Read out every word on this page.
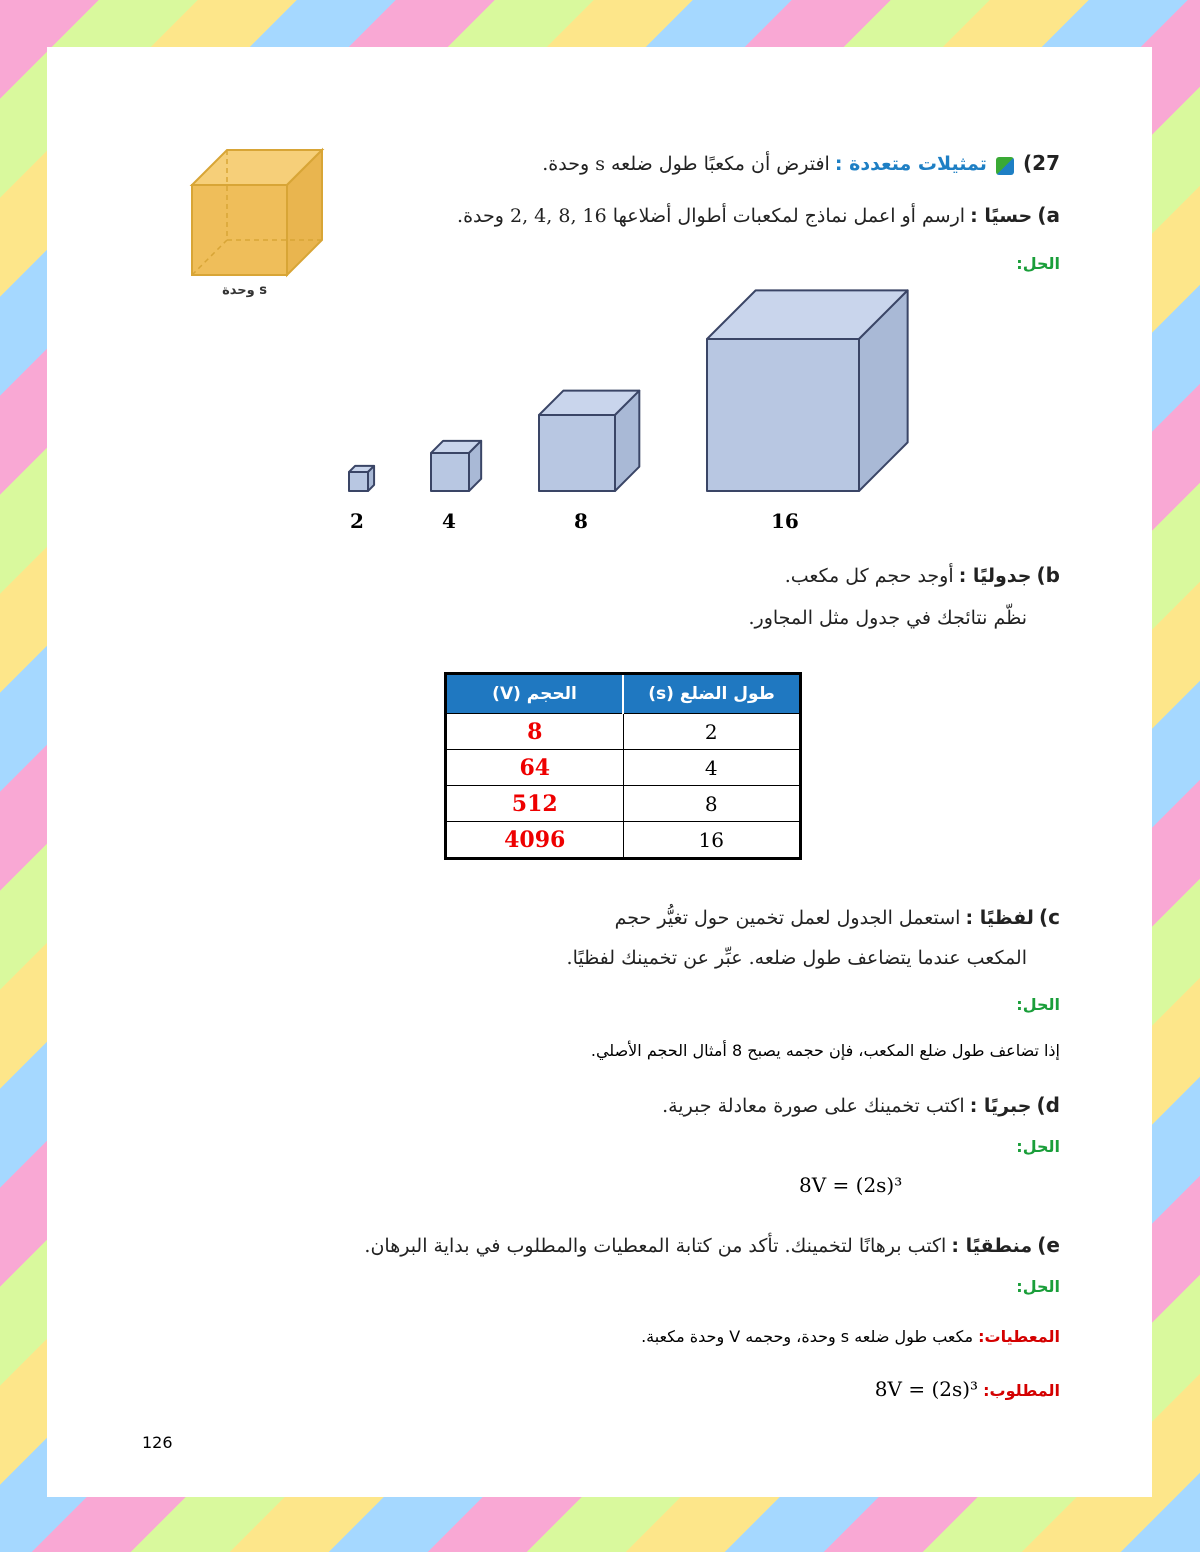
s وحدة
27)  تمثيلات متعددة : افترض أن مكعبًا طول ضلعه s وحدة.
a) حسيًا : ارسم أو اعمل نماذج لمكعبات أطوال أضلاعها 16 ,8 ,4 ,2 وحدة.
الحل:
2	4	8	16
b) جدوليًا : أوجد حجم كل مكعب.
نظّم نتائجك في جدول مثل المجاور.
طول الضلع (s)	الحجم (V)
2	8
4	64
8	512
16	4096
c) لفظيًا : استعمل الجدول لعمل تخمين حول تغيُّر حجم
المكعب عندما يتضاعف طول ضلعه. عبِّر عن تخمينك لفظيًا.
الحل:
إذا تضاعف طول ضلع المكعب، فإن حجمه يصبح 8 أمثال الحجم الأصلي.
d) جبريًا : اكتب تخمينك على صورة معادلة جبرية.
الحل:
8V = (2s)³
e) منطقيًا : اكتب برهانًا لتخمينك. تأكد من كتابة المعطيات والمطلوب في بداية البرهان.
الحل:
المعطيات: مكعب طول ضلعه s وحدة، وحجمه V وحدة مكعبة.
المطلوب: 8V = (2s)³
126
